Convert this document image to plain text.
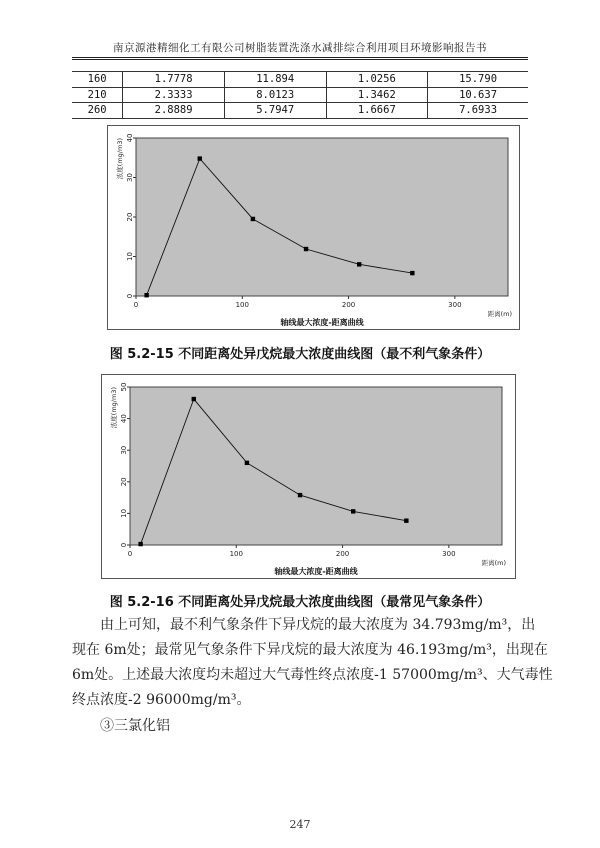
南京源港精细化工有限公司树脂装置洗涤水减排综合利用项目环境影响报告书
160	1.7778	11.894	1.0256	15.790
210	2.3333	8.0123	1.3462	10.637
260	2.8889	5.7947	1.6667	7.6933
0
10
20
30
40
0	100	200	300
浓度(mg/m3)
距离(m)
轴线最大浓度-距离曲线
图 5.2-15 不同距离处异戊烷最大浓度曲线图（最不利气象条件）
0
10
20
30
40
50
0	100	200	300
浓度(mg/m3)
距离(m)
轴线最大浓度-距离曲线
图 5.2-16 不同距离处异戊烷最大浓度曲线图（最常见气象条件）

由上可知，最不利气象条件下异戊烷的最大浓度为 34.793mg/m³，出

现在 6m处；最常见气象条件下异戊烷的最大浓度为 46.193mg/m³，出现在

6m处。上述最大浓度均未超过大气毒性终点浓度-1 57000mg/m³、大气毒性

终点浓度-2 96000mg/m³。

③三氯化铝
247
